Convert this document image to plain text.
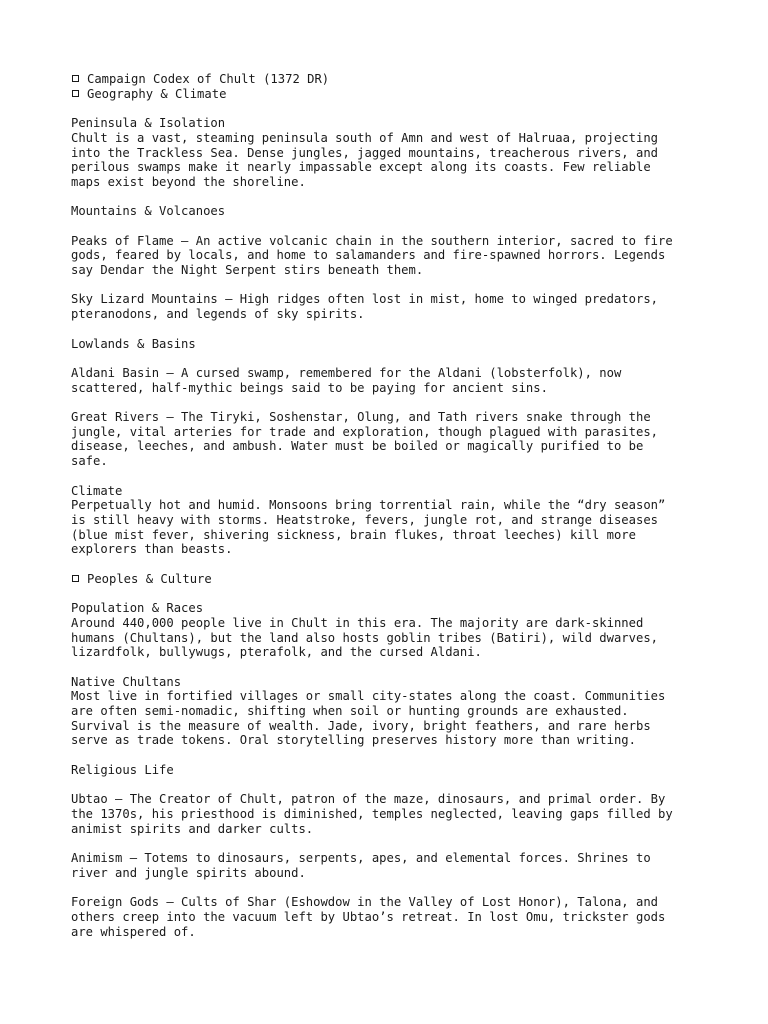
Campaign Codex of Chult (1372 DR)
Geography & Climate
Peninsula & Isolation
Chult is a vast, steaming peninsula south of Amn and west of Halruaa, projecting
into the Trackless Sea. Dense jungles, jagged mountains, treacherous rivers, and
perilous swamps make it nearly impassable except along its coasts. Few reliable
maps exist beyond the shoreline.
Mountains & Volcanoes
Peaks of Flame — An active volcanic chain in the southern interior, sacred to fire
gods, feared by locals, and home to salamanders and fire-spawned horrors. Legends
say Dendar the Night Serpent stirs beneath them.
Sky Lizard Mountains — High ridges often lost in mist, home to winged predators,
pteranodons, and legends of sky spirits.
Lowlands & Basins
Aldani Basin — A cursed swamp, remembered for the Aldani (lobsterfolk), now
scattered, half-mythic beings said to be paying for ancient sins.
Great Rivers — The Tiryki, Soshenstar, Olung, and Tath rivers snake through the
jungle, vital arteries for trade and exploration, though plagued with parasites,
disease, leeches, and ambush. Water must be boiled or magically purified to be
safe.
Climate
Perpetually hot and humid. Monsoons bring torrential rain, while the “dry season”
is still heavy with storms. Heatstroke, fevers, jungle rot, and strange diseases
(blue mist fever, shivering sickness, brain flukes, throat leeches) kill more
explorers than beasts.
Peoples & Culture
Population & Races
Around 440,000 people live in Chult in this era. The majority are dark-skinned
humans (Chultans), but the land also hosts goblin tribes (Batiri), wild dwarves,
lizardfolk, bullywugs, pterafolk, and the cursed Aldani.
Native Chultans
Most live in fortified villages or small city-states along the coast. Communities
are often semi-nomadic, shifting when soil or hunting grounds are exhausted.
Survival is the measure of wealth. Jade, ivory, bright feathers, and rare herbs
serve as trade tokens. Oral storytelling preserves history more than writing.
Religious Life
Ubtao — The Creator of Chult, patron of the maze, dinosaurs, and primal order. By
the 1370s, his priesthood is diminished, temples neglected, leaving gaps filled by
animist spirits and darker cults.
Animism — Totems to dinosaurs, serpents, apes, and elemental forces. Shrines to
river and jungle spirits abound.
Foreign Gods — Cults of Shar (Eshowdow in the Valley of Lost Honor), Talona, and
others creep into the vacuum left by Ubtao’s retreat. In lost Omu, trickster gods
are whispered of.
